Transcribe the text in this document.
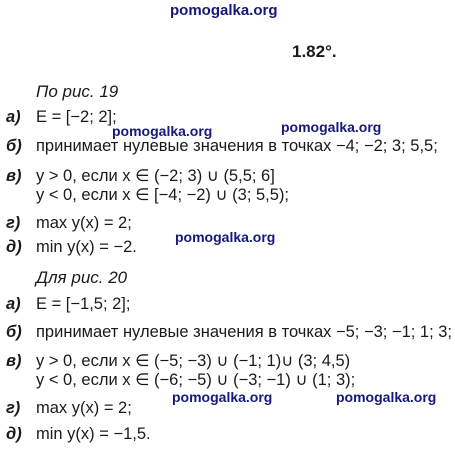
pomogalka.org
1.82°.
По рис. 19
а) E = [−2; 2];
б) принимает нулевые значения в точках −4; −2; 3; 5,5;
в) y > 0, если x ∈ (−2; 3) ∪ (5,5; 6]
y < 0, если x ∈ [−4; −2) ∪ (3; 5,5);
г) max y(x) = 2;
д) min y(x) = −2.
Для рис. 20
а) E = [−1,5; 2];
б) принимает нулевые значения в точках −5; −3; −1; 1; 3;
в) y > 0, если x ∈ (−5; −3) ∪ (−1; 1)∪ (3; 4,5)
y < 0, если x ∈ (−6; −5) ∪ (−3; −1) ∪ (1; 3);
г) max y(x) = 2;
д) min y(x) = −1,5.
pomogalka.org	pomogalka.org
pomogalka.org
pomogalka.org	pomogalka.org
